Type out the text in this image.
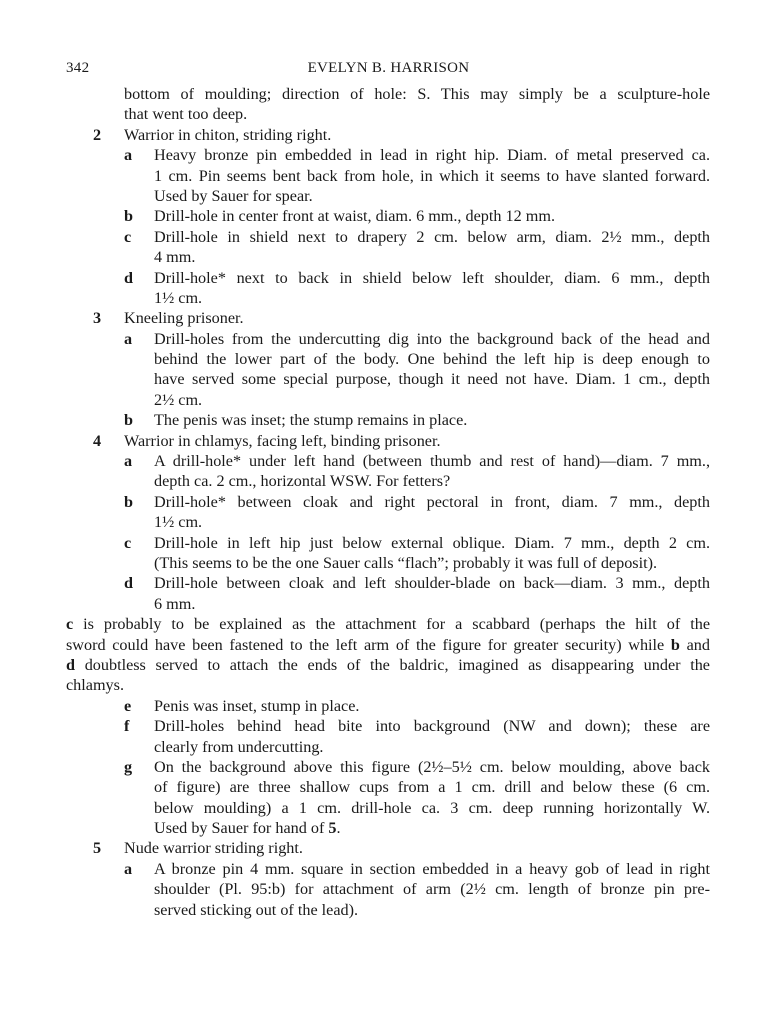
342	EVELYN B. HARRISON
bottom of moulding; direction of hole: S. This may simply be a sculpture-hole
that went too deep.
2 Warrior in chiton, striding right.
a Heavy bronze pin embedded in lead in right hip. Diam. of metal preserved ca.
1 cm. Pin seems bent back from hole, in which it seems to have slanted forward.
Used by Sauer for spear.
b Drill-hole in center front at waist, diam. 6 mm., depth 12 mm.
c Drill-hole in shield next to drapery 2 cm. below arm, diam. 2½ mm., depth
4 mm.
d Drill-hole* next to back in shield below left shoulder, diam. 6 mm., depth
1½ cm.
3 Kneeling prisoner.
a Drill-holes from the undercutting dig into the background back of the head and
behind the lower part of the body. One behind the left hip is deep enough to
have served some special purpose, though it need not have. Diam. 1 cm., depth
2½ cm.
b The penis was inset; the stump remains in place.
4 Warrior in chlamys, facing left, binding prisoner.
a A drill-hole* under left hand (between thumb and rest of hand)—diam. 7 mm.,
depth ca. 2 cm., horizontal WSW. For fetters?
b Drill-hole* between cloak and right pectoral in front, diam. 7 mm., depth
1½ cm.
c Drill-hole in left hip just below external oblique. Diam. 7 mm., depth 2 cm.
(This seems to be the one Sauer calls “flach”; probably it was full of deposit).
d Drill-hole between cloak and left shoulder-blade on back—diam. 3 mm., depth
6 mm.
c is probably to be explained as the attachment for a scabbard (perhaps the hilt of the
sword could have been fastened to the left arm of the figure for greater security) while b and
d doubtless served to attach the ends of the baldric, imagined as disappearing under the
chlamys.
e Penis was inset, stump in place.
f Drill-holes behind head bite into background (NW and down); these are
clearly from undercutting.
g On the background above this figure (2½–5½ cm. below moulding, above back
of figure) are three shallow cups from a 1 cm. drill and below these (6 cm.
below moulding) a 1 cm. drill-hole ca. 3 cm. deep running horizontally W.
Used by Sauer for hand of 5.
5 Nude warrior striding right.
a A bronze pin 4 mm. square in section embedded in a heavy gob of lead in right
shoulder (Pl. 95:b) for attachment of arm (2½ cm. length of bronze pin pre-
served sticking out of the lead).
